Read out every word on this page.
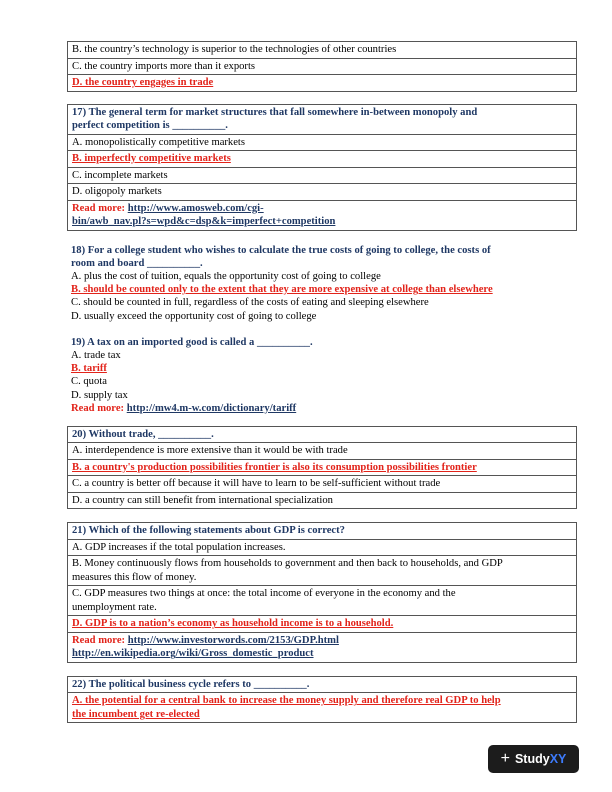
B. the country’s technology is superior to the technologies of other countries
C. the country imports more than it exports
D. the country engages in trade
17) The general term for market structures that fall somewhere in-between monopoly and
perfect competition is __________.

A. monopolistically competitive markets
B. imperfectly competitive markets
C. incomplete markets
D. oligopoly markets
Read more: http://www.amosweb.com/cgi-
bin/awb_nav.pl?s=wpd&c=dsp&k=imperfect+competition
18) For a college student who wishes to calculate the true costs of going to college, the costs of
room and board __________.
A. plus the cost of tuition, equals the opportunity cost of going to college
B. should be counted only to the extent that they are more expensive at college than elsewhere
C. should be counted in full, regardless of the costs of eating and sleeping elsewhere
D. usually exceed the opportunity cost of going to college
19) A tax on an imported good is called a __________.
A. trade tax
B. tariff
C. quota
D. supply tax
Read more: http://mw4.m-w.com/dictionary/tariff
20) Without trade, __________.
A. interdependence is more extensive than it would be with trade
B. a country's production possibilities frontier is also its consumption possibilities frontier
C. a country is better off because it will have to learn to be self-sufficient without trade
D. a country can still benefit from international specialization
21) Which of the following statements about GDP is correct?
A. GDP increases if the total population increases.

B. Money continuously flows from households to government and then back to households, and GDP
measures this flow of money.

C. GDP measures two things at once: the total income of everyone in the economy and the
unemployment rate.

D. GDP is to a nation’s economy as household income is to a household.
Read more: http://www.investorwords.com/2153/GDP.html
http://en.wikipedia.org/wiki/Gross_domestic_product
22) The political business cycle refers to __________.
A. the potential for a central bank to increase the money supply and therefore real GDP to help
the incumbent get re-elected
+ StudyXY
